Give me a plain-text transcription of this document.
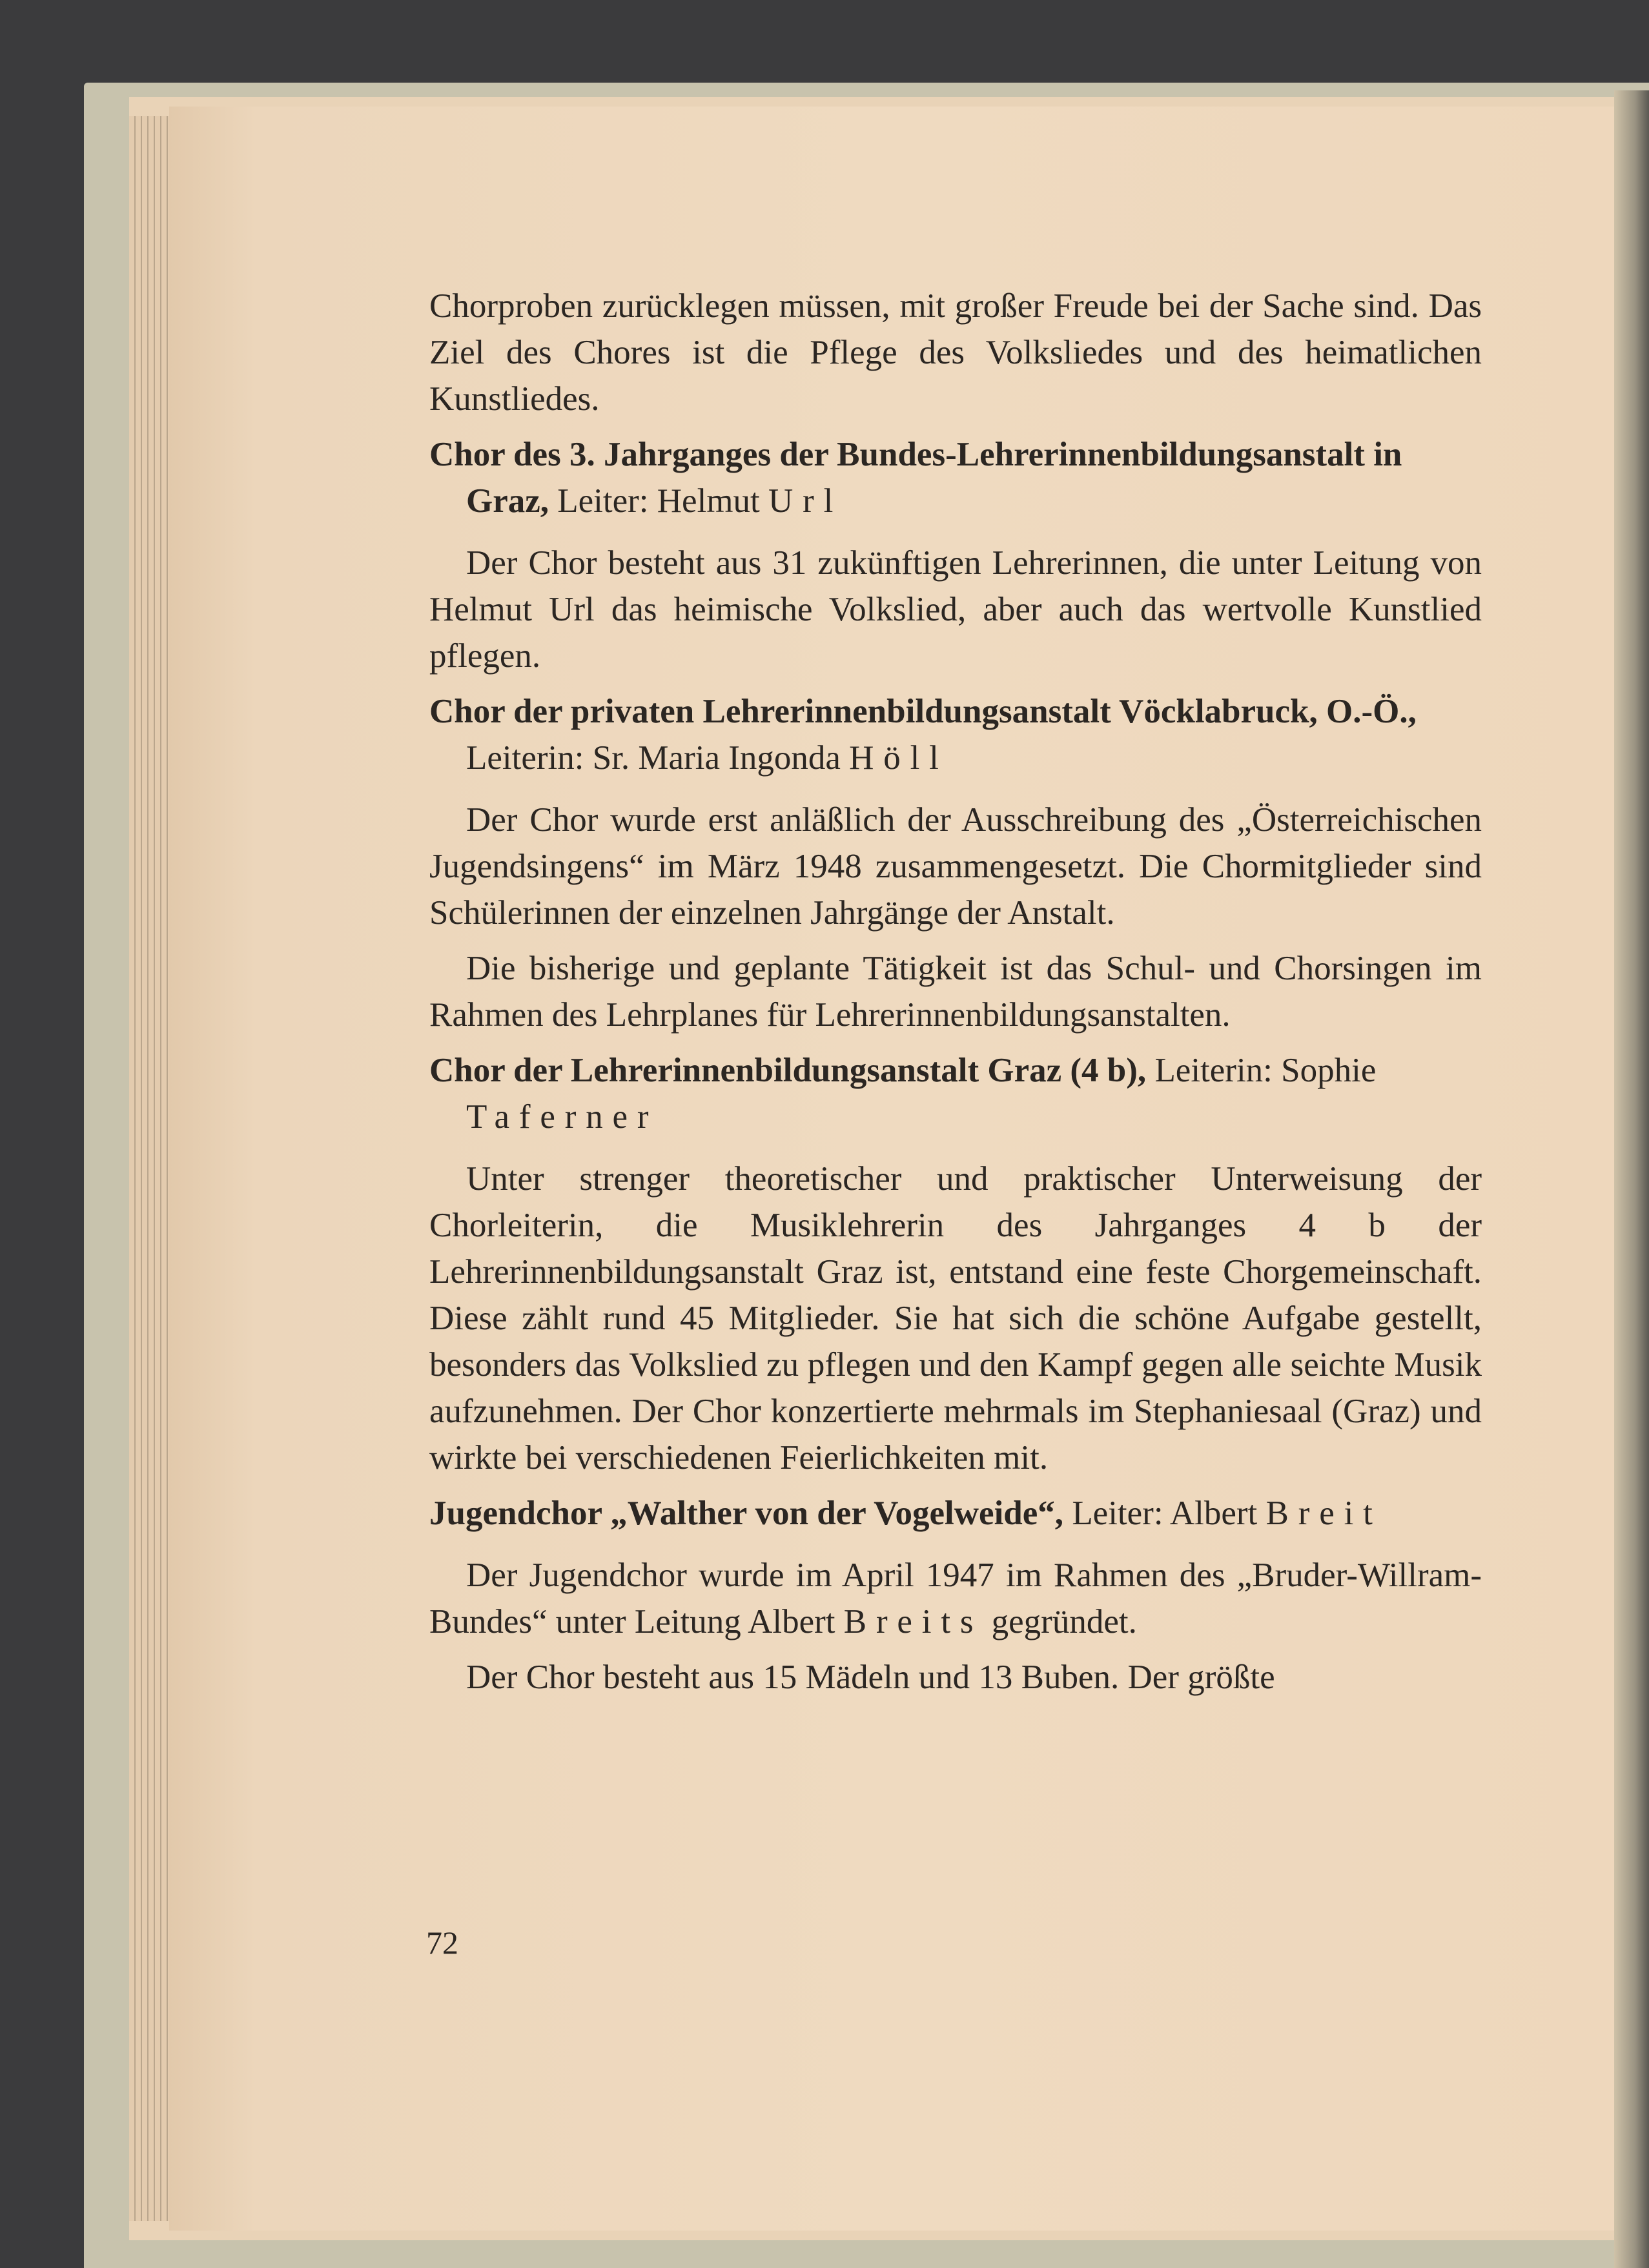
Chorproben zurücklegen müssen, mit großer Freude bei der Sache sind. Das Ziel des Chores ist die Pflege des Volksliedes und des heimatlichen Kunstliedes.

Chor des 3. Jahrganges der Bundes-Lehrerinnenbildungsanstalt in Graz, Leiter: Helmut Url

Der Chor besteht aus 31 zukünftigen Lehrerinnen, die unter Leitung von Helmut Url das heimische Volkslied, aber auch das wertvolle Kunstlied pflegen.

Chor der privaten Lehrerinnenbildungsanstalt Vöcklabruck, O.-Ö., Leiterin: Sr. Maria Ingonda Höll

Der Chor wurde erst anläßlich der Ausschreibung des „Österreichischen Jugendsingens“ im März 1948 zusammengesetzt. Die Chormitglieder sind Schülerinnen der einzelnen Jahrgänge der Anstalt.

Die bisherige und geplante Tätigkeit ist das Schul- und Chorsingen im Rahmen des Lehrplanes für Lehrerinnenbildungsanstalten.

Chor der Lehrerinnenbildungsanstalt Graz (4 b), Leiterin: Sophie Taferner

Unter strenger theoretischer und praktischer Unterweisung der Chorleiterin, die Musiklehrerin des Jahrganges 4 b der Lehrerinnenbildungsanstalt Graz ist, entstand eine feste Chorgemeinschaft. Diese zählt rund 45 Mitglieder. Sie hat sich die schöne Aufgabe gestellt, besonders das Volkslied zu pflegen und den Kampf gegen alle seichte Musik aufzunehmen. Der Chor konzertierte mehrmals im Stephaniesaal (Graz) und wirkte bei verschiedenen Feierlichkeiten mit.

Jugendchor „Walther von der Vogelweide“, Leiter: Albert Breit

Der Jugendchor wurde im April 1947 im Rahmen des „Bruder-Willram-Bundes“ unter Leitung Albert Breits gegründet.

Der Chor besteht aus 15 Mädeln und 13 Buben. Der größte

72
